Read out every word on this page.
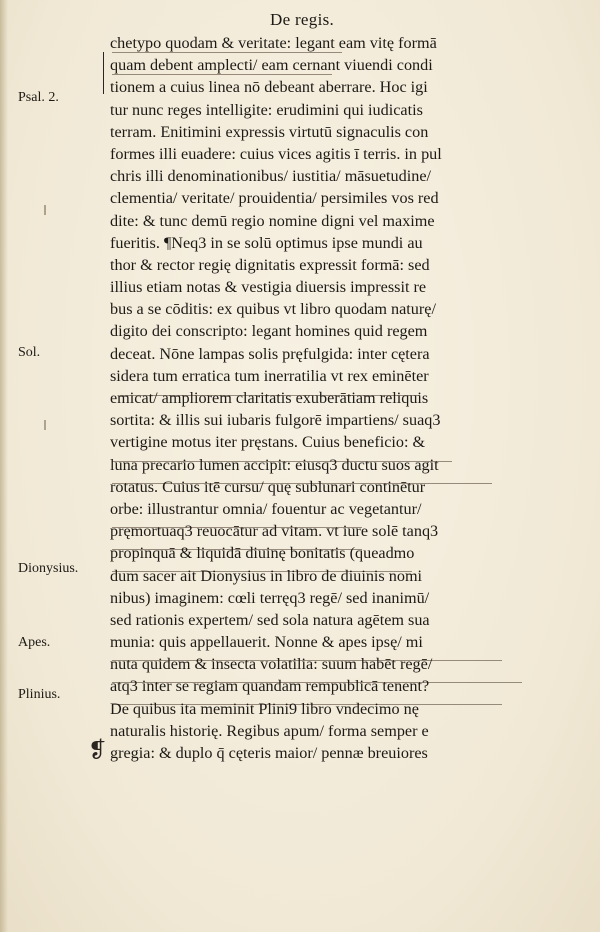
De regis.
Psal. 2.
Sol.
Dionysius.
Apes.
Plinius.
❡
chetypo quodam & veritate: legant eam vitę formā
quam debent amplecti/ eam cernant viuendi condi
tionem a cuius linea nō debeant aberrare. Hoc igi
tur nunc reges intelligite: erudimini qui iudicatis
terram. Enitimini expressis virtutū signaculis con
formes illi euadere: cuius vices agitis ī terris. in pul
chris illi denominationibus/ iustitia/ māsuetudine/
clementia/ veritate/ prouidentia/ persimiles vos red
dite: & tunc demū regio nomine digni vel maxime
fueritis. ¶Neq3 in se solū optimus ipse mundi au
thor & rector regię dignitatis expressit formā: sed
illius etiam notas & vestigia diuersis impressit re
bus a se cōditis: ex quibus vt libro quodam naturę/
digito dei conscripto: legant homines quid regem
deceat. Nōne lampas solis pręfulgida: inter cętera
sidera tum erratica tum inerratilia vt rex eminēter
emicat/ ampliorem claritatis exuberātiam reliquis
sortita: & illis sui iubaris fulgorē impartiens/ suaq3
vertigine motus iter pręstans. Cuius beneficio: &
luna precario lumen accipit: eiusq3 ductu suos agit
rotatus. Cuius itē cursu/ quę sublunari continētur
orbe: illustrantur omnia/ fouentur ac vegetantur/
pręmortuaq3 reuocātur ad vitam. vt iure solē tanq3
propinquā & liquidā diuinę bonitatis (queadmo
dum sacer ait Dionysius in libro de diuinis nomi
nibus) imaginem: cœli terręq3 regē/ sed inanimū/
sed rationis expertem/ sed sola natura agētem sua
munia: quis appellauerit. Nonne & apes ipsę/ mi
nuta quidem & insecta volatilia: suum habēt regē/
atq3 inter se regiam quandam rempublicā tenent?
De quibus ita meminit Plini9 libro vndecimo nę
naturalis historię. Regibus apum/ forma semper e
gregia: & duplo q̄ cęteris maior/ pennæ breuiores
